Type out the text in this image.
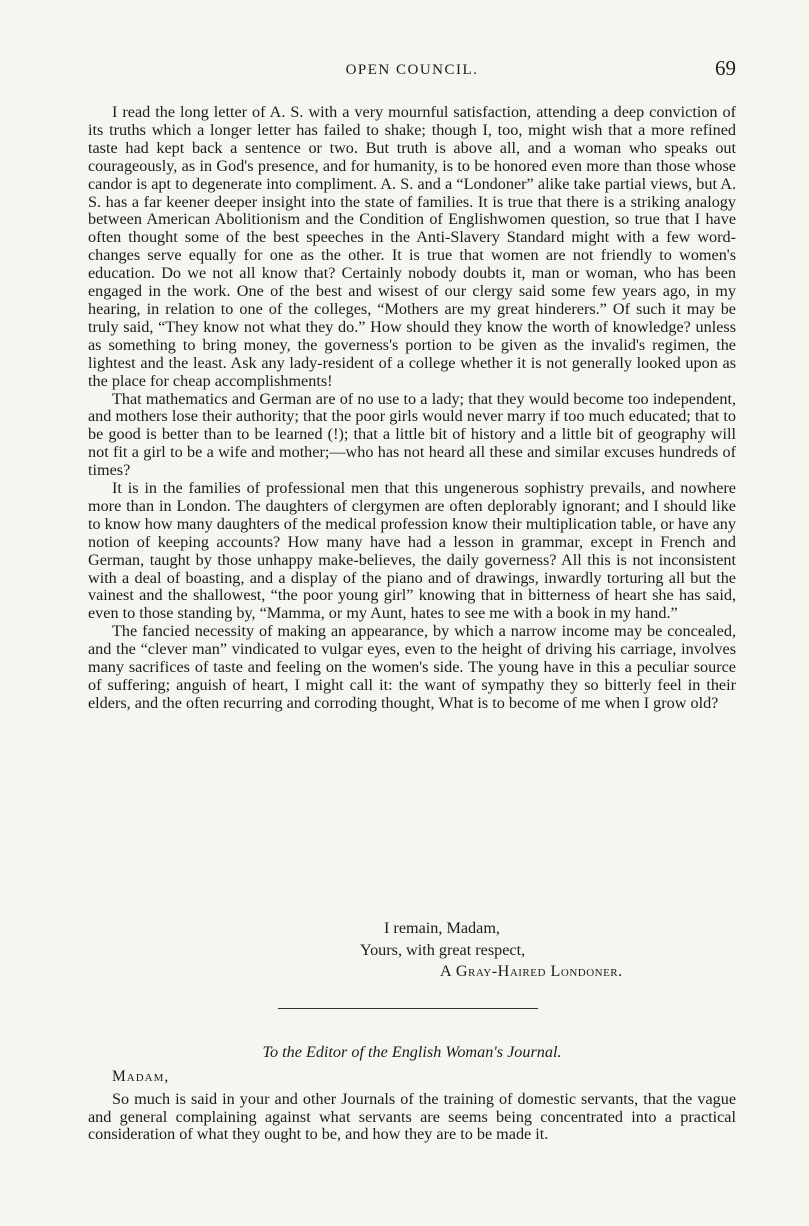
OPEN COUNCIL.	69

I read the long letter of A. S. with a very mournful satisfaction, attending a deep conviction of its truths which a longer letter has failed to shake; though I, too, might wish that a more refined taste had kept back a sentence or two. But truth is above all, and a woman who speaks out courageously, as in God's presence, and for humanity, is to be honored even more than those whose candor is apt to degenerate into compliment. A. S. and a “Londoner” alike take partial views, but A. S. has a far keener deeper insight into the state of families. It is true that there is a striking analogy between American Abolitionism and the Condition of Englishwomen question, so true that I have often thought some of the best speeches in the Anti-Slavery Standard might with a few word-changes serve equally for one as the other. It is true that women are not friendly to women's education. Do we not all know that? Certainly nobody doubts it, man or woman, who has been engaged in the work. One of the best and wisest of our clergy said some few years ago, in my hearing, in relation to one of the colleges, “Mothers are my great hinderers.” Of such it may be truly said, “They know not what they do.” How should they know the worth of knowledge? unless as something to bring money, the governess's portion to be given as the invalid's regimen, the lightest and the least. Ask any lady-resident of a college whether it is not generally looked upon as the place for cheap accomplishments!

That mathematics and German are of no use to a lady; that they would become too independent, and mothers lose their authority; that the poor girls would never marry if too much educated; that to be good is better than to be learned (!); that a little bit of history and a little bit of geography will not fit a girl to be a wife and mother;—who has not heard all these and similar excuses hundreds of times?

It is in the families of professional men that this ungenerous sophistry prevails, and nowhere more than in London. The daughters of clergymen are often deplorably ignorant; and I should like to know how many daughters of the medical profession know their multiplication table, or have any notion of keeping accounts? How many have had a lesson in grammar, except in French and German, taught by those unhappy make-believes, the daily governess? All this is not inconsistent with a deal of boasting, and a display of the piano and of drawings, inwardly torturing all but the vainest and the shallowest, “the poor young girl” knowing that in bitterness of heart she has said, even to those standing by, “Mamma, or my Aunt, hates to see me with a book in my hand.”

The fancied necessity of making an appearance, by which a narrow income may be concealed, and the “clever man” vindicated to vulgar eyes, even to the height of driving his carriage, involves many sacrifices of taste and feeling on the women's side. The young have in this a peculiar source of suffering; anguish of heart, I might call it: the want of sympathy they so bitterly feel in their elders, and the often recurring and corroding thought, What is to become of me when I grow old?

I remain, Madam,
Yours, with great respect,
A Gray-Haired Londoner.
To the Editor of the English Woman's Journal.
Madam,

So much is said in your and other Journals of the training of domestic servants, that the vague and general complaining against what servants are seems being concentrated into a practical consideration of what they ought to be, and how they are to be made it.
